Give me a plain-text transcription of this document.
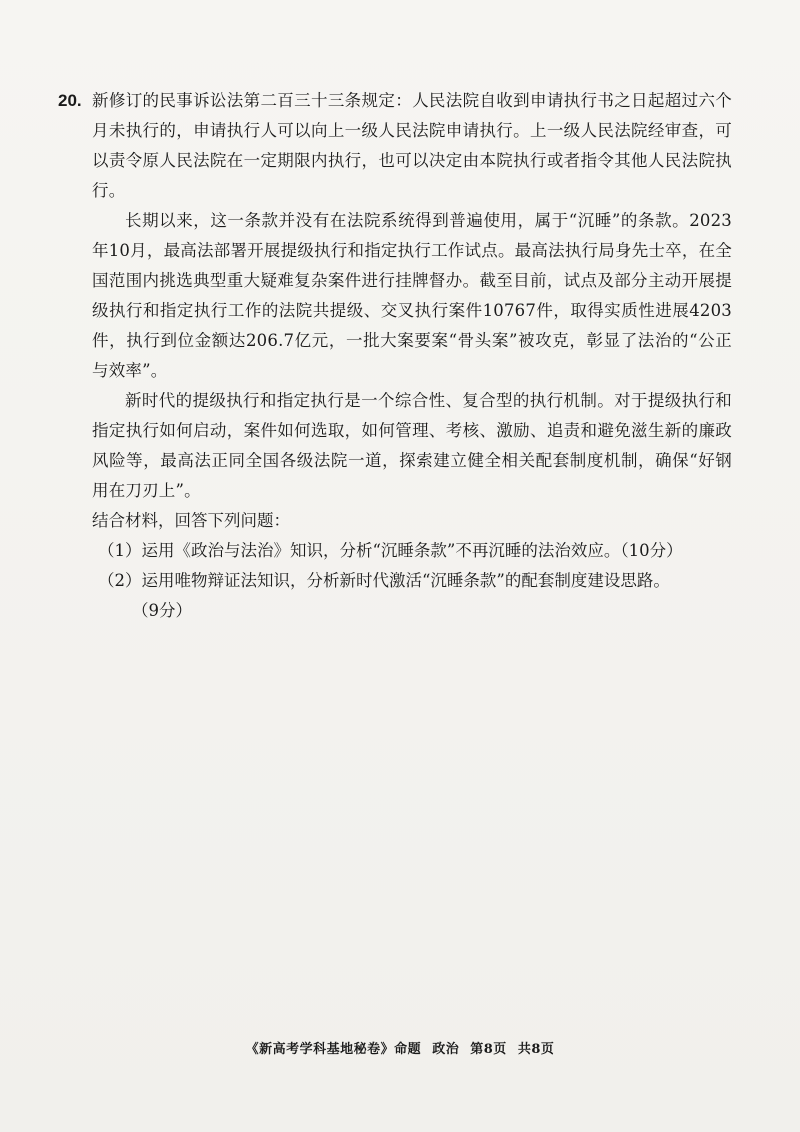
20. 新修订的民事诉讼法第二百三十三条规定：人民法院自收到申请执行书之日起超过六个月未执行的，申请执行人可以向上一级人民法院申请执行。上一级人民法院经审查，可以责令原人民法院在一定期限内执行，也可以决定由本院执行或者指令其他人民法院执行。

长期以来，这一条款并没有在法院系统得到普遍使用，属于“沉睡”的条款。2023年10月，最高法部署开展提级执行和指定执行工作试点。最高法执行局身先士卒，在全国范围内挑选典型重大疑难复杂案件进行挂牌督办。截至目前，试点及部分主动开展提级执行和指定执行工作的法院共提级、交叉执行案件10767件，取得实质性进展4203件，执行到位金额达206.7亿元，一批大案要案“骨头案”被攻克，彰显了法治的“公正与效率”。

新时代的提级执行和指定执行是一个综合性、复合型的执行机制。对于提级执行和指定执行如何启动，案件如何选取，如何管理、考核、激励、追责和避免滋生新的廉政风险等，最高法正同全国各级法院一道，探索建立健全相关配套制度机制，确保“好钢用在刀刃上”。

结合材料，回答下列问题：

（1）运用《政治与法治》知识，分析“沉睡条款”不再沉睡的法治效应。（10分）

（2）运用唯物辩证法知识，分析新时代激活“沉睡条款”的配套制度建设思路。

（9分）

《新高考学科基地秘卷》命题 政治 第8页 共8页
